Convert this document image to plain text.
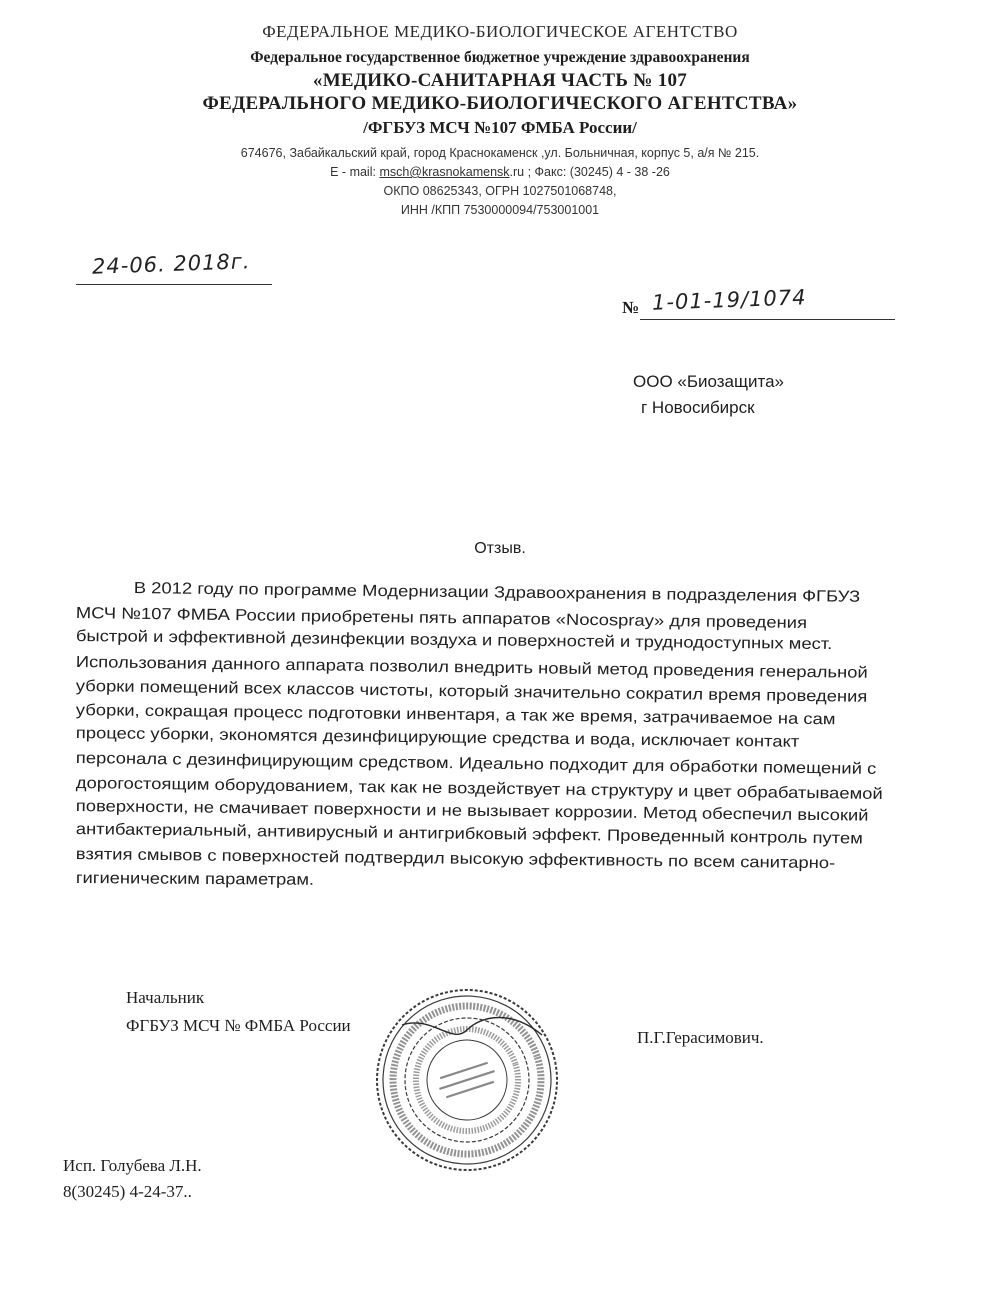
ФЕДЕРАЛЬНОЕ МЕДИКО-БИОЛОГИЧЕСКОЕ АГЕНТСТВО
Федеральное государственное бюджетное учреждение здравоохранения
«МЕДИКО-САНИТАРНАЯ ЧАСТЬ № 107
ФЕДЕРАЛЬНОГО МЕДИКО-БИОЛОГИЧЕСКОГО АГЕНТСТВА»
/ФГБУЗ МСЧ №107 ФМБА России/
674676, Забайкальский край, город Краснокаменск ,ул. Больничная, корпус 5, а/я № 215.
E - mail: msch@krasnokamensk.ru ; Факс: (30245) 4 - 38 -26
ОКПО 08625343, ОГРН 1027501068748,
ИНН /КПП 7530000094/753001001
24-06. 2018г.
№ 1-01-19/1074
ООО «Биозащита»
г Новосибирск
Отзыв.
В 2012 году по программе Модернизации Здравоохранения в подразделения ФГБУЗ
МСЧ №107 ФМБА России приобретены пять аппаратов «Nocospray» для проведения
быстрой и эффективной дезинфекции воздуха и поверхностей и труднодоступных мест.
Использования данного аппарата позволил внедрить новый метод проведения генеральной
уборки помещений всех классов чистоты, который значительно сократил время проведения
уборки, сокращая процесс подготовки инвентаря, а так же время, затрачиваемое на сам
процесс уборки, экономятся дезинфицирующие средства и вода, исключает контакт
персонала с дезинфицирующим средством. Идеально подходит для обработки помещений с
дорогостоящим оборудованием, так как не воздействует на структуру и цвет обрабатываемой
поверхности, не смачивает поверхности и не вызывает коррозии. Метод обеспечил высокий
антибактериальный, антивирусный и антигрибковый эффект. Проведенный контроль путем
взятия смывов с поверхностей подтвердил высокую эффективность по всем санитарно-
гигиеническим параметрам.
Начальник
ФГБУЗ МСЧ № ФМБА России
П.Г.Герасимович.
Исп. Голубева Л.Н.
8(30245) 4-24-37..
